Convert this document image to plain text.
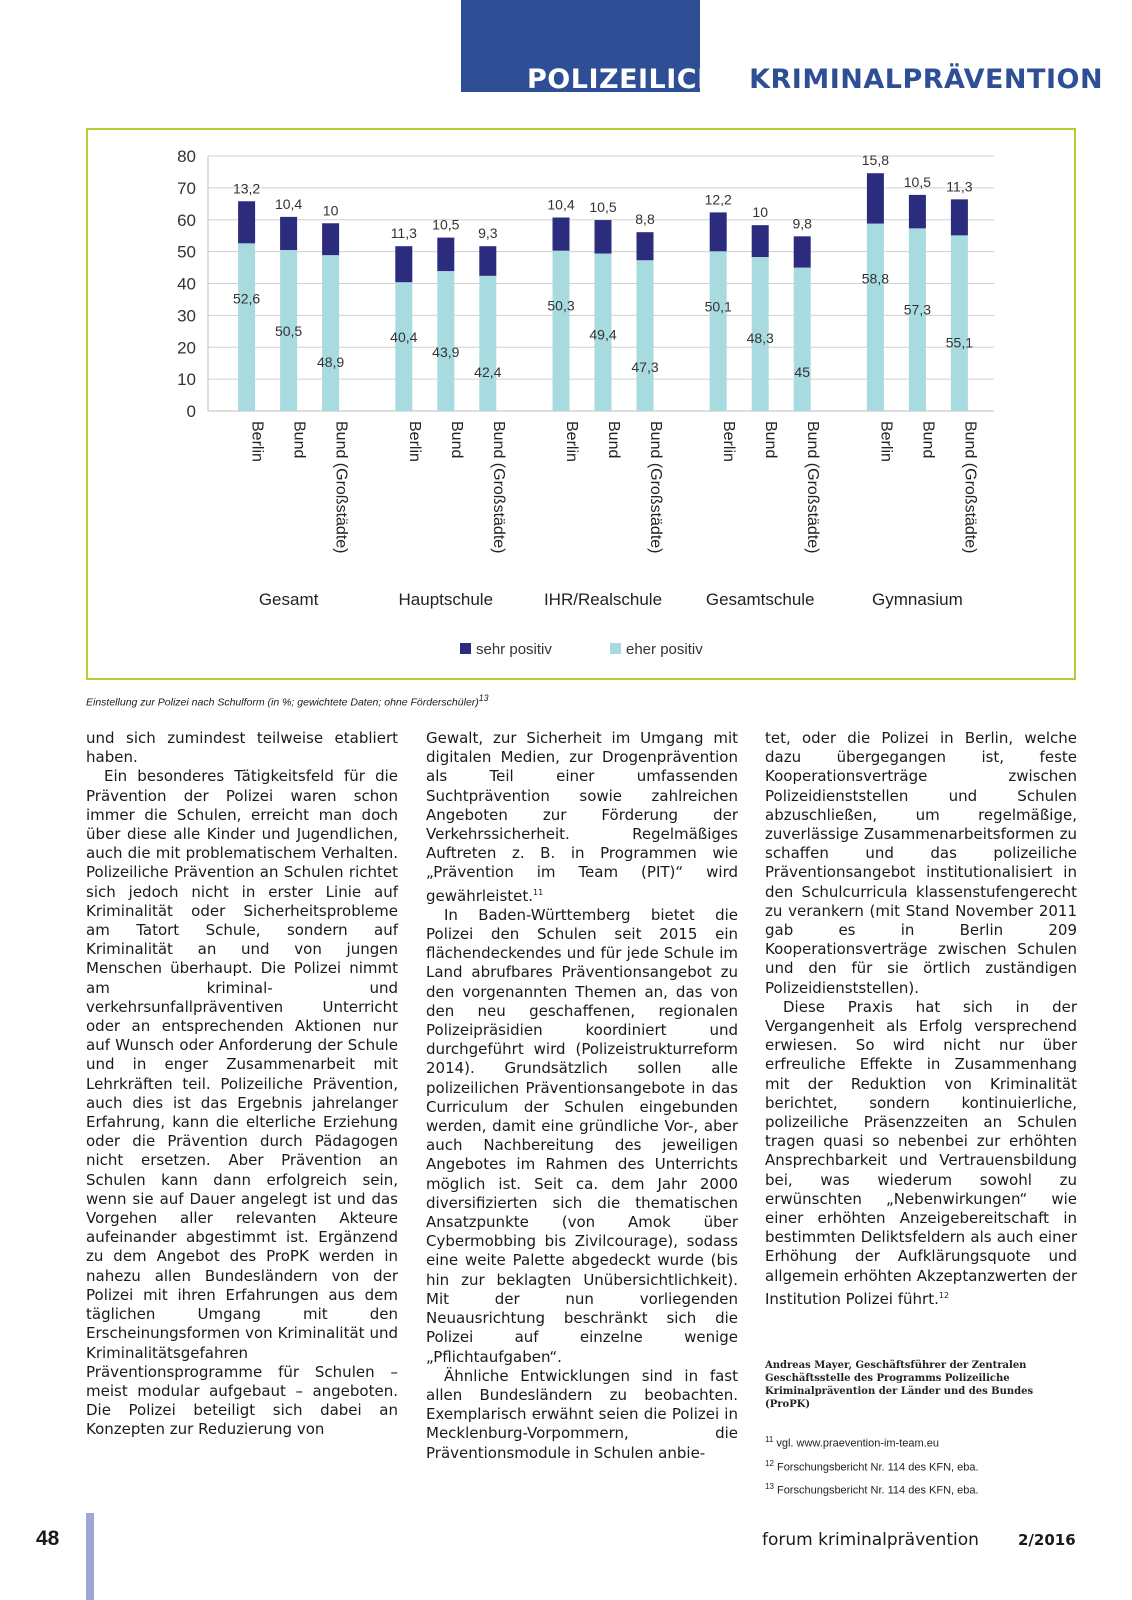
POLIZEILICHE KRIMINALPRÄVENTION
0
10
20
30
40
50
60
70
80
13,2
52,6
Berlin
10,4
50,5
Bund
10
48,9
Bund (Großstädte)
Gesamt
11,3
40,4
Berlin
10,5
43,9
Bund
9,3
42,4
Bund (Großstädte)
Hauptschule
10,4
50,3
Berlin
10,5
49,4
Bund
8,8
47,3
Bund (Großstädte)
IHR/Realschule
12,2
50,1
Berlin
10
48,3
Bund
9,8
45
Bund (Großstädte)
Gesamtschule
15,8
58,8
Berlin
10,5
57,3
Bund
11,3
55,1
Bund (Großstädte)
Gymnasium
sehr positiv	eher positiv
Einstellung zur Polizei nach Schulform (in %; gewichtete Daten; ohne Förderschüler)$^{13}$

und sich zumindest teilweise etabliert haben.

Ein besonderes Tätigkeitsfeld für die Prävention der Polizei waren schon immer die Schulen, erreicht man doch über diese alle Kinder und Jugendlichen, auch die mit problematischem Verhalten. Polizeiliche Prävention an Schulen richtet sich jedoch nicht in erster Linie auf Kriminalität oder Sicherheitsprobleme am Tatort Schule, sondern auf Kriminalität an und von jungen Menschen überhaupt. Die Polizei nimmt am kriminal- und verkehrsunfallpräventiven Unterricht oder an entsprechenden Aktionen nur auf Wunsch oder Anforderung der Schule und in enger Zusammenarbeit mit Lehrkräften teil. Polizeiliche Prävention, auch dies ist das Ergebnis jahrelanger Erfahrung, kann die elterliche Erziehung oder die Prävention durch Pädagogen nicht ersetzen. Aber Prävention an Schulen kann dann erfolgreich sein, wenn sie auf Dauer angelegt ist und das Vorgehen aller relevanten Akteure aufeinander abgestimmt ist. Ergänzend zu dem Angebot des ProPK werden in nahezu allen Bundesländern von der Polizei mit ihren Erfahrungen aus dem täglichen Umgang mit den Erscheinungsformen von Kriminalität und Kriminalitätsgefahren Präventionsprogramme für Schulen – meist modular aufgebaut – angeboten. Die Polizei beteiligt sich dabei an Konzepten zur Reduzierung von

Gewalt, zur Sicherheit im Umgang mit digitalen Medien, zur Drogenprävention als Teil einer umfassenden Suchtprävention sowie zahlreichen Angeboten zur Förderung der Verkehrssicherheit. Regelmäßiges Auftreten z. B. in Programmen wie „Prävention im Team (PIT)“ wird gewährleistet.$^{11}$

In Baden-Württemberg bietet die Polizei den Schulen seit 2015 ein flächendeckendes und für jede Schule im Land abrufbares Präventionsangebot zu den vorgenannten Themen an, das von den neu geschaffenen, regionalen Polizeipräsidien koordiniert und durchgeführt wird (Polizeistrukturreform 2014). Grundsätzlich sollen alle polizeilichen Präventionsangebote in das Curriculum der Schulen eingebunden werden, damit eine gründliche Vor-, aber auch Nachbereitung des jeweiligen Angebotes im Rahmen des Unterrichts möglich ist. Seit ca. dem Jahr 2000 diversifizierten sich die thematischen Ansatzpunkte (von Amok über Cybermobbing bis Zivilcourage), sodass eine weite Palette abgedeckt wurde (bis hin zur beklagten Unübersichtlichkeit). Mit der nun vorliegenden Neuausrichtung beschränkt sich die Polizei auf einzelne wenige „Pflichtaufgaben“.

Ähnliche Entwicklungen sind in fast allen Bundesländern zu beobachten. Exemplarisch erwähnt seien die Polizei in Mecklenburg-Vorpommern, die Präventionsmodule in Schulen anbie-

tet, oder die Polizei in Berlin, welche dazu übergegangen ist, feste Kooperationsverträge zwischen Polizeidienststellen und Schulen abzuschließen, um regelmäßige, zuverlässige Zusammenarbeitsformen zu schaffen und das polizeiliche Präventionsangebot institutionalisiert in den Schulcurricula klassenstufengerecht zu verankern (mit Stand November 2011 gab es in Berlin 209 Kooperationsverträge zwischen Schulen und den für sie örtlich zuständigen Polizeidienststellen).

Diese Praxis hat sich in der Vergangenheit als Erfolg versprechend erwiesen. So wird nicht nur über erfreuliche Effekte in Zusammenhang mit der Reduktion von Kriminalität berichtet, sondern kontinuierliche, polizeiliche Präsenzzeiten an Schulen tragen quasi so nebenbei zur erhöhten Ansprechbarkeit und Vertrauensbildung bei, was wiederum sowohl zu erwünschten „Nebenwirkungen“ wie einer erhöhten Anzeigebereitschaft in bestimmten Deliktsfeldern als auch einer Erhöhung der Aufklärungsquote und allgemein erhöhten Akzeptanzwerten der Institution Polizei führt.$^{12}$

Andreas Mayer, Geschäftsführer der Zentralen Geschäftsstelle des Programms Polizeiliche Kriminalprävention der Länder und des Bundes (ProPK)
$^{11}$ vgl. www.praevention-im-team.eu
$^{12}$ Forschungsbericht Nr. 114 des KFN, eba.
$^{13}$ Forschungsbericht Nr. 114 des KFN, eba.
48	forum kriminalprävention	2/2016
